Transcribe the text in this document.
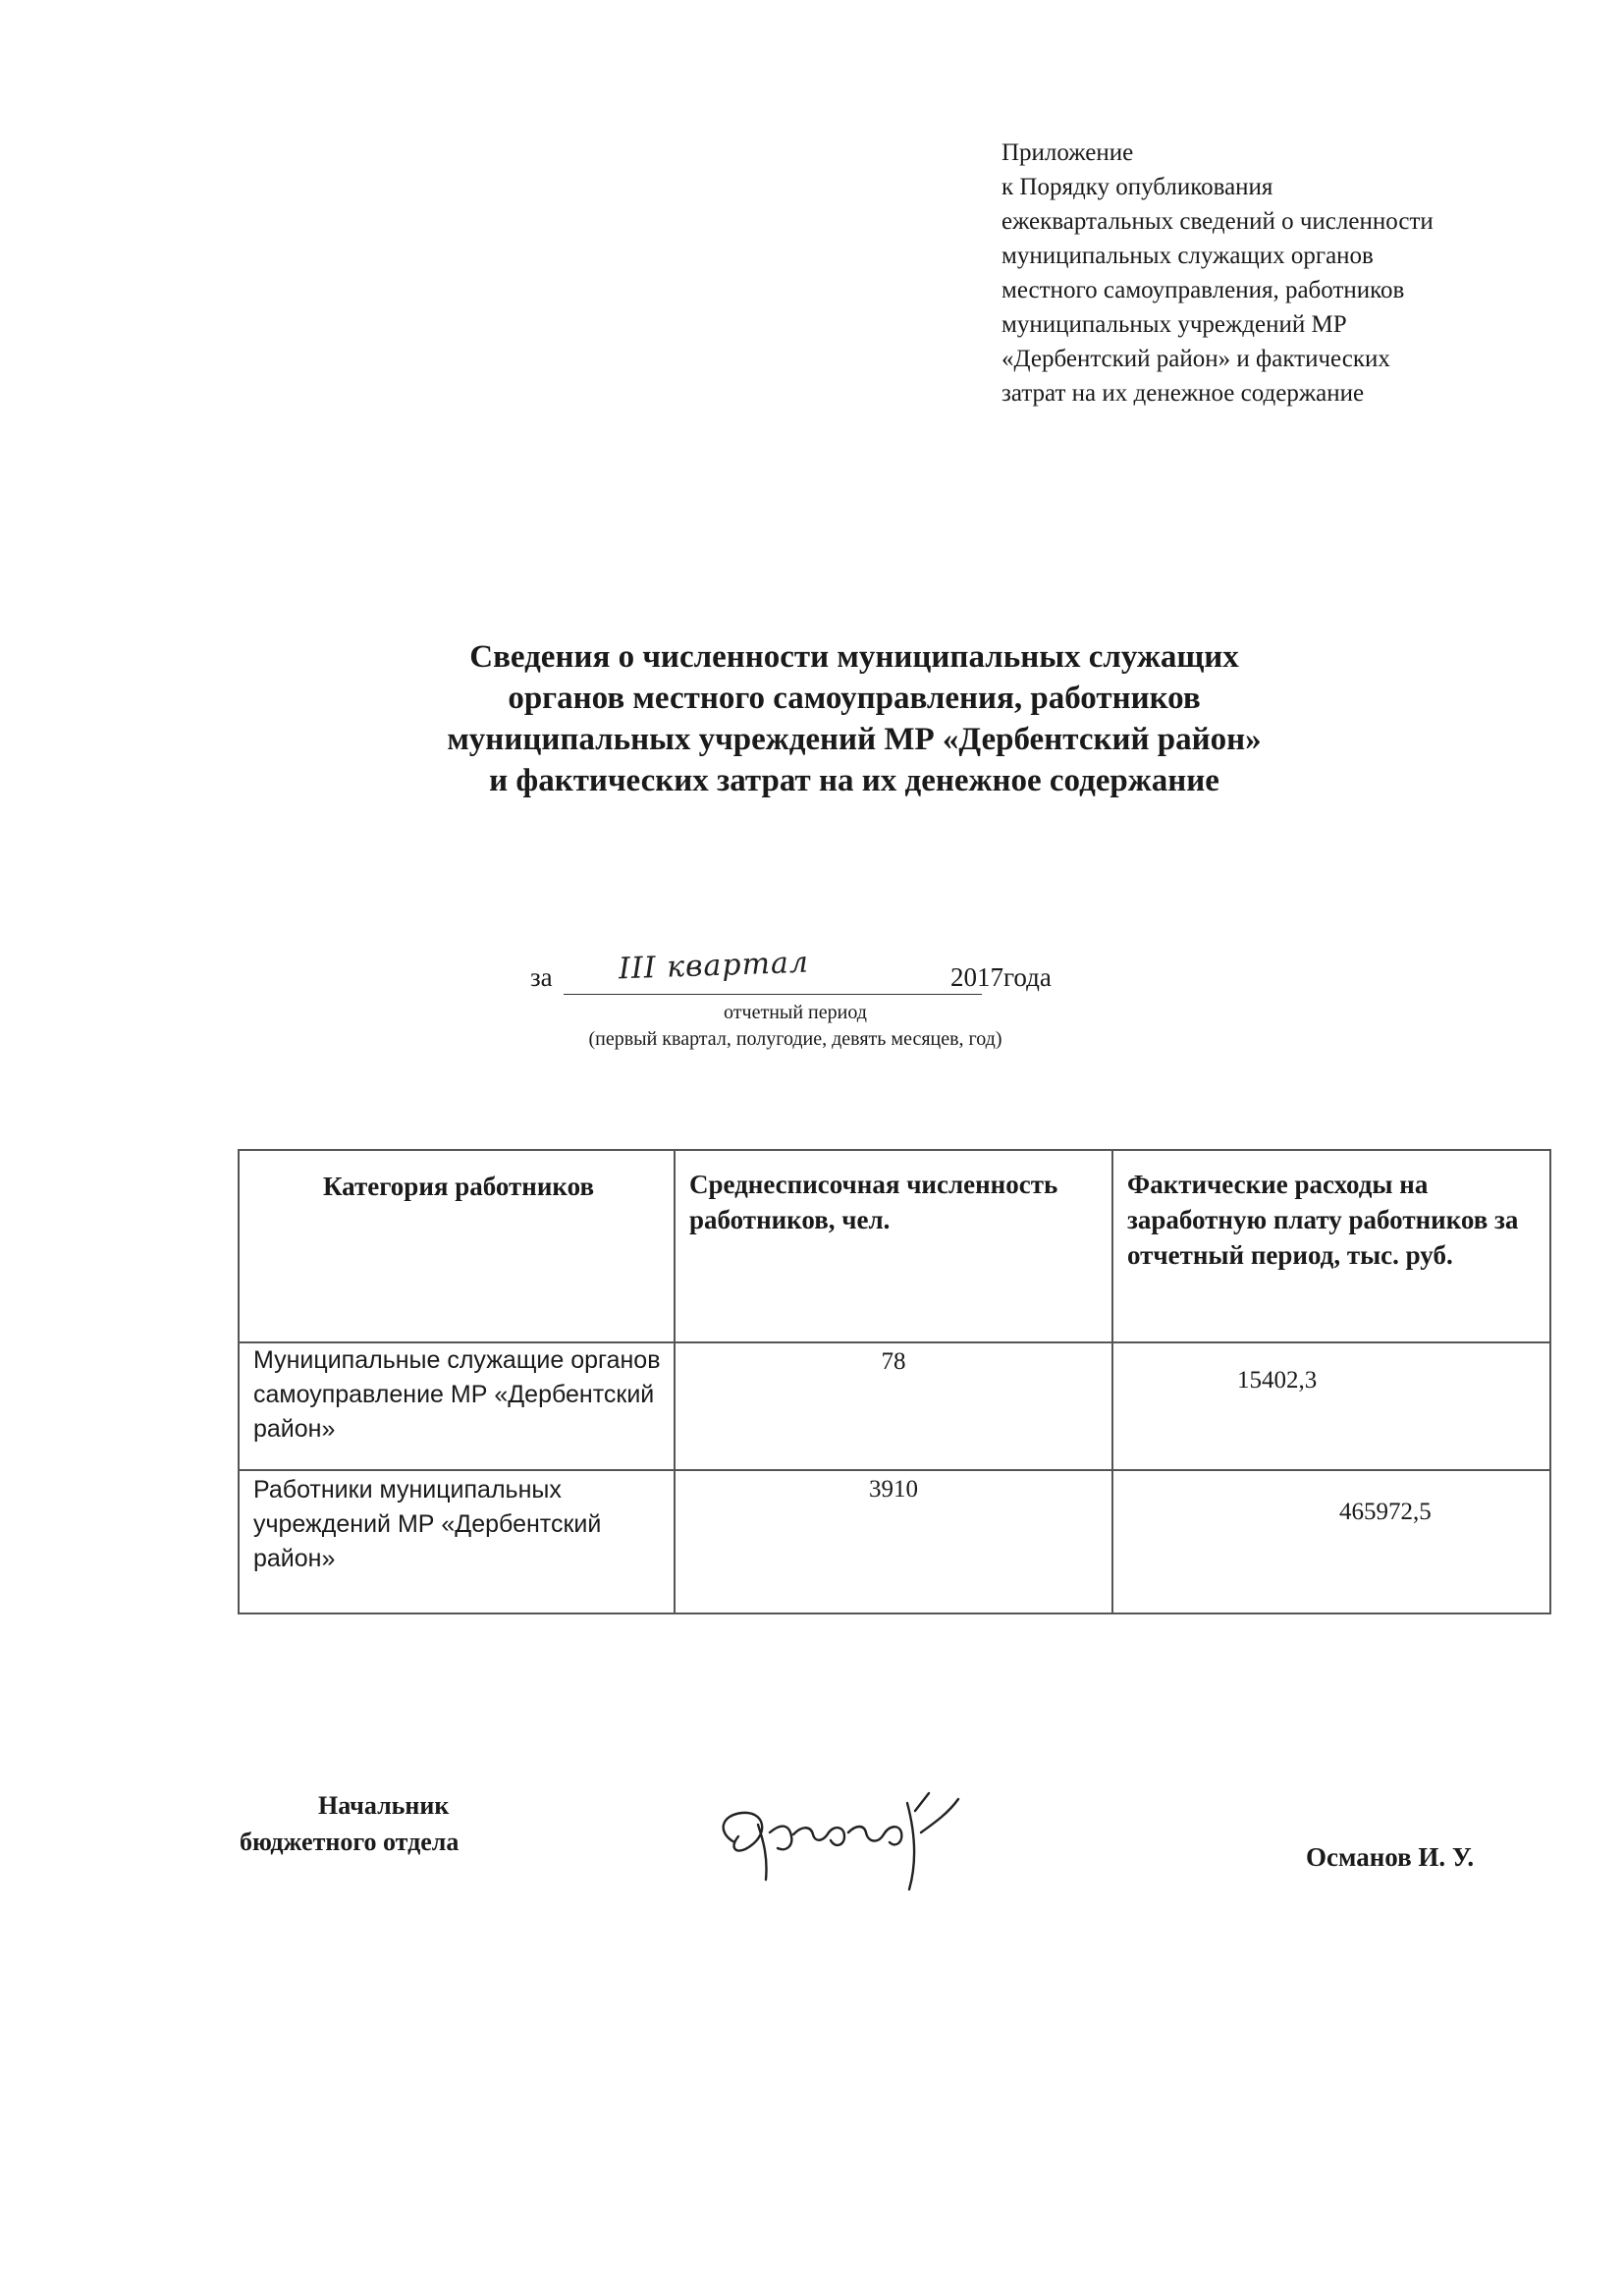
Приложение
к Порядку опубликования
ежеквартальных сведений о численности
муниципальных служащих органов
местного самоуправления, работников
муниципальных учреждений МР
«Дербентский район» и фактических
затрат на их денежное содержание
Сведения о численности муниципальных служащих
органов местного самоуправления, работников
муниципальных учреждений МР «Дербентский район»
и фактических затрат на их денежное содержание
за III квартал	2017года
отчетный период
(первый квартал, полугодие, девять месяцев, год)
Категория работников	Среднесписочная численность работников, чел.	Фактические расходы на заработную плату работников за отчетный период, тыс. руб.
Муниципальные служащие органов самоуправление МР «Дербентский район»	78	15402,3

Работники муниципальных учреждений МР «Дербентский район»	3910	465972,5
Начальник
бюджетного отдела
Османов И. У.
